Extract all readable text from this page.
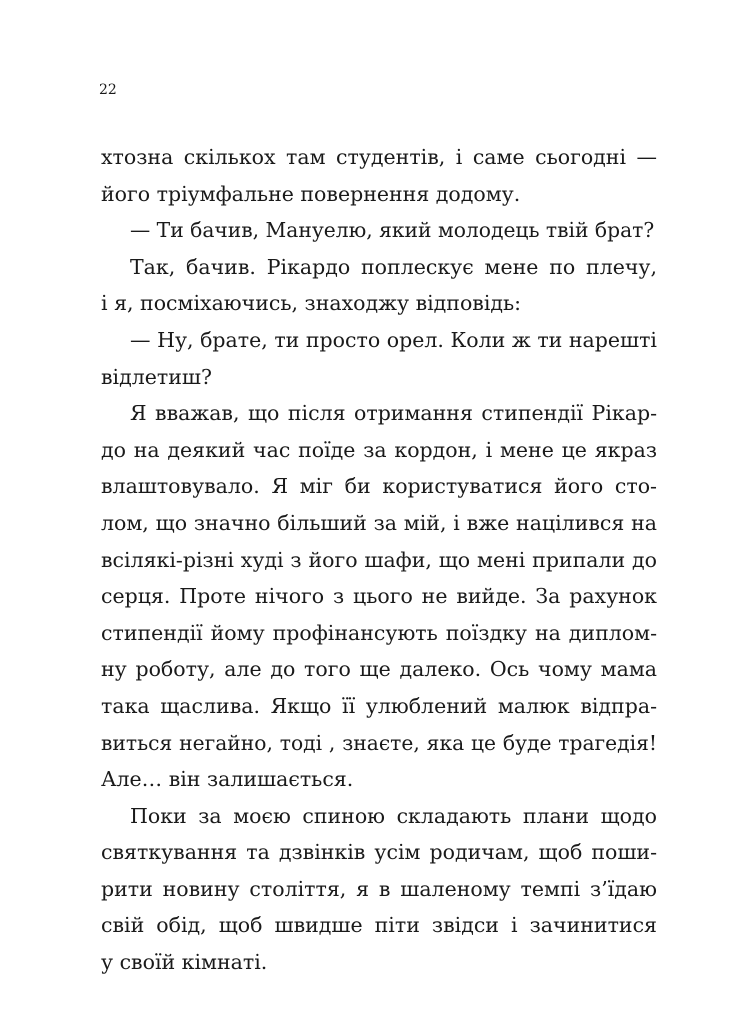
22
хтозна скількох там студентів, і саме сьогодні —
його тріумфальне повернення додому.
— Ти бачив, Мануелю, який молодець твій брат?
Так, бачив. Рікардо поплескує мене по плечу,
і я, посміхаючись, знаходжу відповідь:
— Ну, брате, ти просто орел. Коли ж ти нарешті
відлетиш?
Я вважав, що після отримання стипендії Рікар-
до на деякий час поїде за кордон, і мене це якраз
влаштовувало. Я міг би користуватися його сто-
лом, що значно більший за мій, і вже націлився на
всілякі-різні худі з його шафи, що мені припали до
серця. Проте нічого з цього не вийде. За рахунок
стипендії йому профінансують поїздку на диплом-
ну роботу, але до того ще далеко. Ось чому мама
така щаслива. Якщо її улюблений малюк відпра-
виться негайно, тоді , знаєте, яка це буде трагедія!
Але… він залишається.
Поки за моєю спиною складають плани щодо
святкування та дзвінків усім родичам, щоб поши-
рити новину століття, я в шаленому темпі з’їдаю
свій обід, щоб швидше піти звідси і зачинитися
у своїй кімнаті.
